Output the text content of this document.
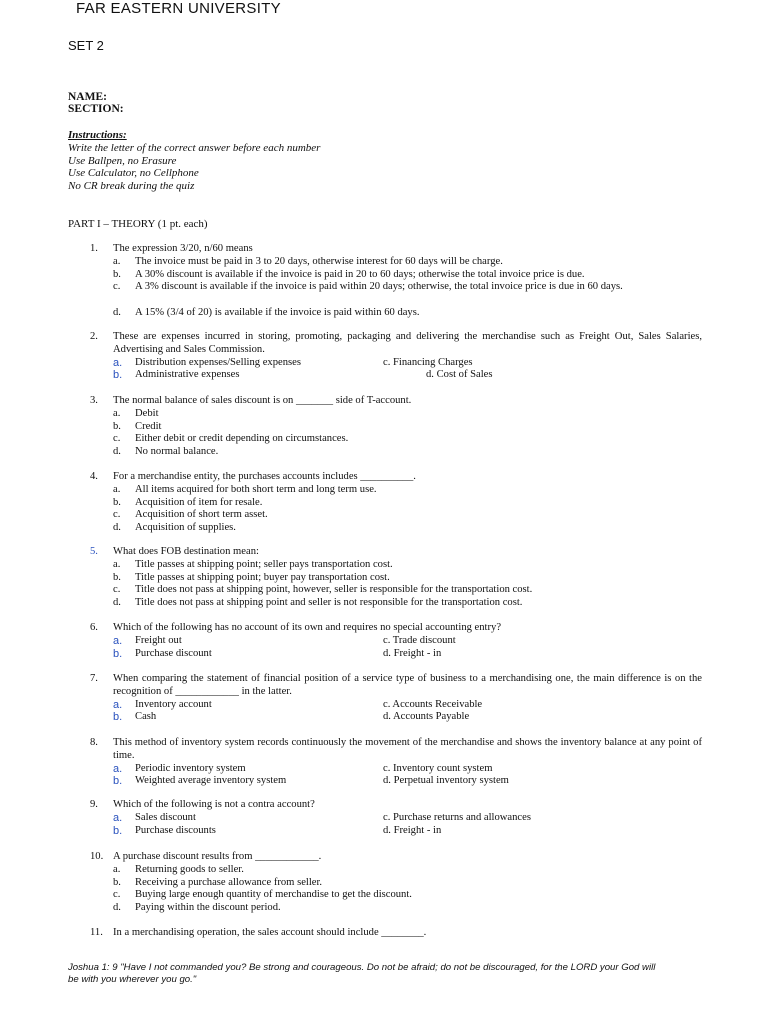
FAR EASTERN UNIVERSITY
SET 2
NAME:
SECTION:
Instructions:
Write the letter of the correct answer before each number
Use Ballpen, no Erasure
Use Calculator, no Cellphone
No CR break during the quiz
PART I – THEORY (1 pt. each)
1. The expression 3/20, n/60 means
a.	The invoice must be paid in 3 to 20 days, otherwise interest for 60 days will be charge.
b.	A 30% discount is available if the invoice is paid in 20 to 60 days; otherwise the total invoice price is due.
c.	A 3% discount is available if the invoice is paid within 20 days; otherwise, the total invoice price is due in 60 days.
d.	A 15% (3/4 of 20) is available if the invoice is paid within 60 days.
2. These are expenses incurred in storing, promoting, packaging and delivering the merchandise such as Freight Out, Sales Salaries, Advertising and Sales Commission.
a.	Distribution expenses/Selling expenses	c. Financing Charges
b.	Administrative expenses	d. Cost of Sales
3. The normal balance of sales discount is on _______ side of T-account.
a.	Debit
b.	Credit
c.	Either debit or credit depending on circumstances.
d.	No normal balance.
4. For a merchandise entity, the purchases accounts includes __________.
a.	All items acquired for both short term and long term use.
b.	Acquisition of item for resale.
c.	Acquisition of short term asset.
d.	Acquisition of supplies.
5. What does FOB destination mean:
a.	Title passes at shipping point; seller pays transportation cost.
b.	Title passes at shipping point; buyer pay transportation cost.
c.	Title does not pass at shipping point, however, seller is responsible for the transportation cost.
d.	Title does not pass at shipping point and seller is not responsible for the transportation cost.
6. Which of the following has no account of its own and requires no special accounting entry?
a.	Freight out	c. Trade discount
b.	Purchase discount	d. Freight - in
7. When comparing the statement of financial position of a service type of business to a merchandising one, the main difference is on the recognition of ____________ in the latter.
a.	Inventory account	c. Accounts Receivable
b.	Cash	d. Accounts Payable
8. This method of inventory system records continuously the movement of the merchandise and shows the inventory balance at any point of time.
a.	Periodic inventory system	c. Inventory count system
b.	Weighted average inventory system	d. Perpetual inventory system
9. Which of the following is not a contra account?
a.	Sales discount	c. Purchase returns and allowances
b.	Purchase discounts	d. Freight - in
10. A purchase discount results from ____________.
a.	Returning goods to seller.
b.	Receiving a purchase allowance from seller.
c.	Buying large enough quantity of merchandise to get the discount.
d.	Paying within the discount period.
11. In a merchandising operation, the sales account should include ________.
Joshua 1: 9 "Have I not commanded you? Be strong and courageous. Do not be afraid; do not be discouraged, for the LORD your God will be with you wherever you go."
